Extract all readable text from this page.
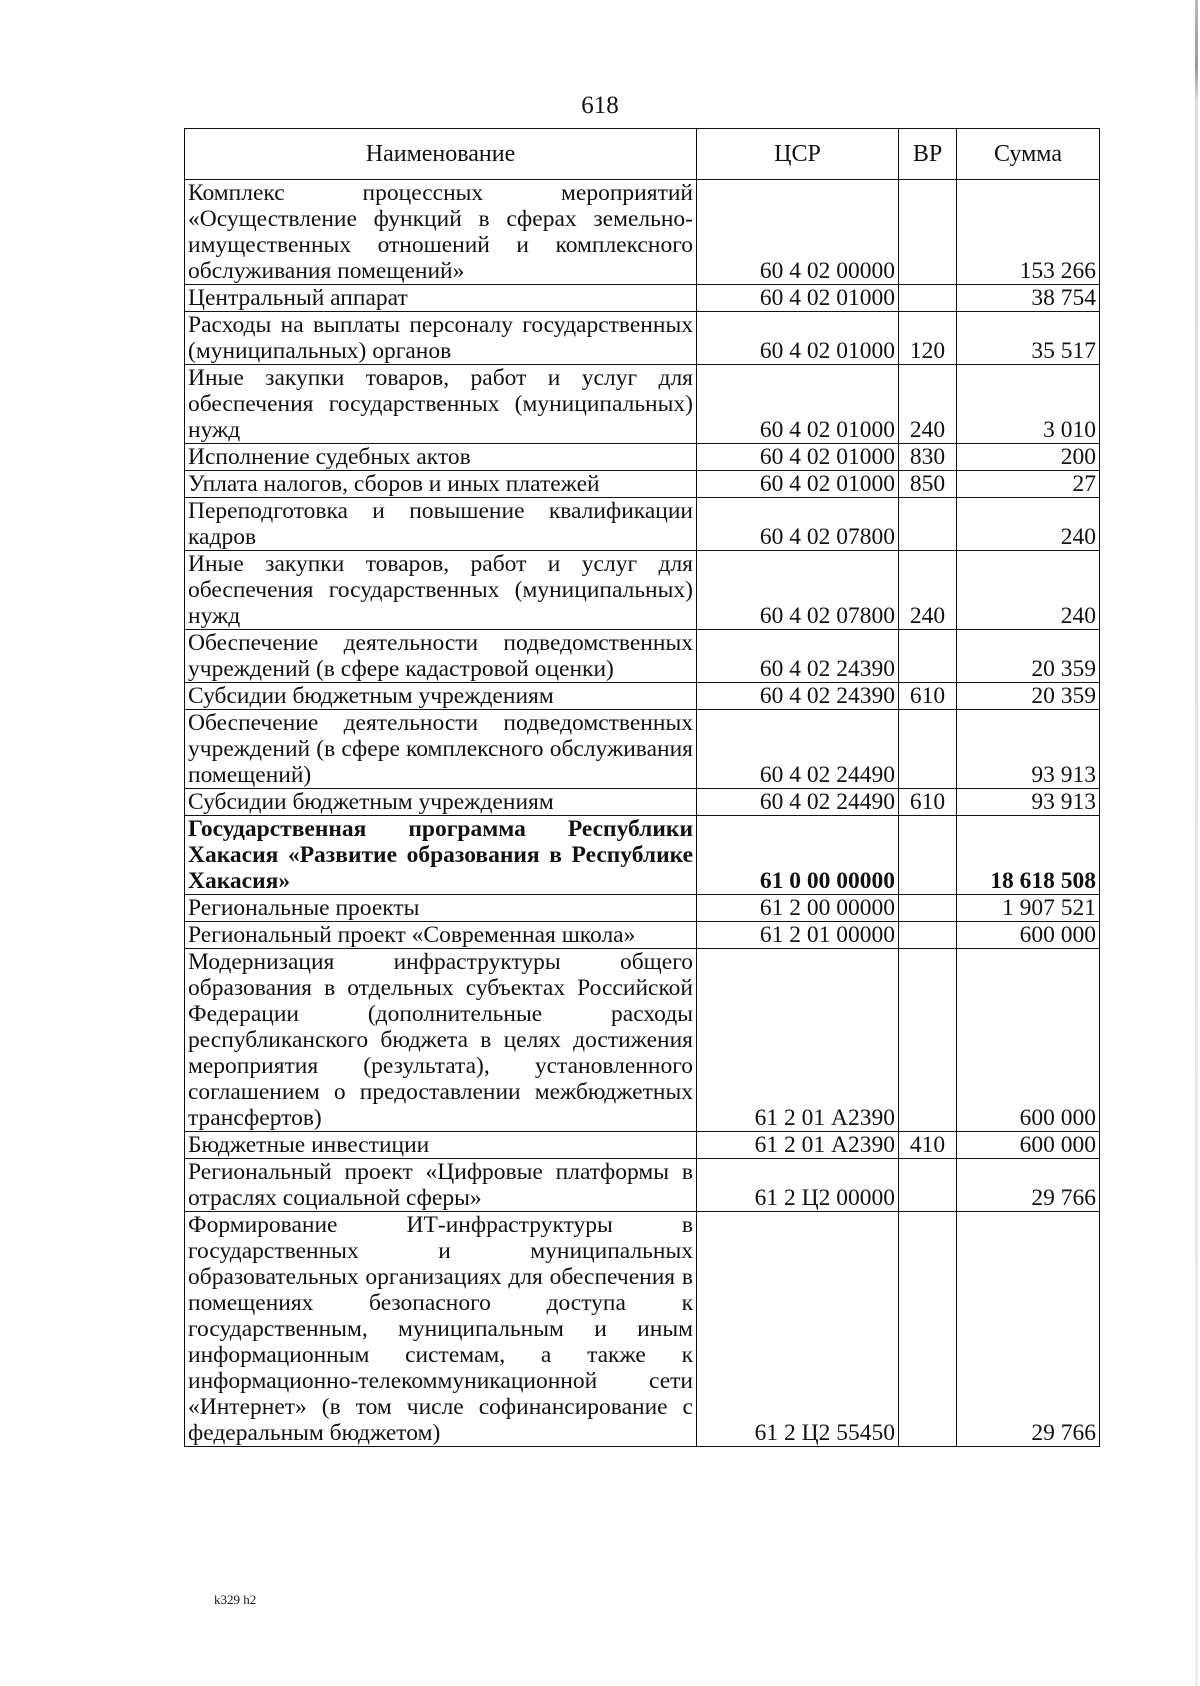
618
Наименование	ЦСР	ВР	Сумма
Комплекс процессных мероприятий «Осуществление функций в сферах земельно-имущественных отношений и комплексного обслуживания помещений»	60 4 02 00000		153 266
Центральный аппарат	60 4 02 01000		38 754
Расходы на выплаты персоналу государственных (муниципальных) органов	60 4 02 01000	120	35 517
Иные закупки товаров, работ и услуг для обеспечения государственных (муниципальных) нужд	60 4 02 01000	240	3 010
Исполнение судебных актов	60 4 02 01000	830	200
Уплата налогов, сборов и иных платежей	60 4 02 01000	850	27
Переподготовка и повышение квалификации кадров	60 4 02 07800		240
Иные закупки товаров, работ и услуг для обеспечения государственных (муниципальных) нужд	60 4 02 07800	240	240
Обеспечение деятельности подведомственных учреждений (в сфере кадастровой оценки)	60 4 02 24390		20 359
Субсидии бюджетным учреждениям	60 4 02 24390	610	20 359
Обеспечение деятельности подведомственных учреждений (в сфере комплексного обслуживания помещений)	60 4 02 24490		93 913
Субсидии бюджетным учреждениям	60 4 02 24490	610	93 913
Государственная программа Республики Хакасия «Развитие образования в Республике Хакасия»	61 0 00 00000		18 618 508
Региональные проекты	61 2 00 00000		1 907 521
Региональный проект «Современная школа»	61 2 01 00000		600 000
Модернизация инфраструктуры общего образования в отдельных субъектах Российской Федерации (дополнительные расходы республиканского бюджета в целях достижения мероприятия (результата), установленного соглашением о предоставлении межбюджетных трансфертов)	61 2 01 А2390		600 000
Бюджетные инвестиции	61 2 01 А2390	410	600 000
Региональный проект «Цифровые платформы в отраслях социальной сферы»	61 2 Ц2 00000		29 766
Формирование ИТ-инфраструктуры в государственных и муниципальных образовательных организациях для обеспечения в помещениях безопасного доступа к государственным, муниципальным и иным информационным системам, а также к информационно-телекоммуникационной сети «Интернет» (в том числе софинансирование с федеральным бюджетом)	61 2 Ц2 55450		29 766
k329 h2
